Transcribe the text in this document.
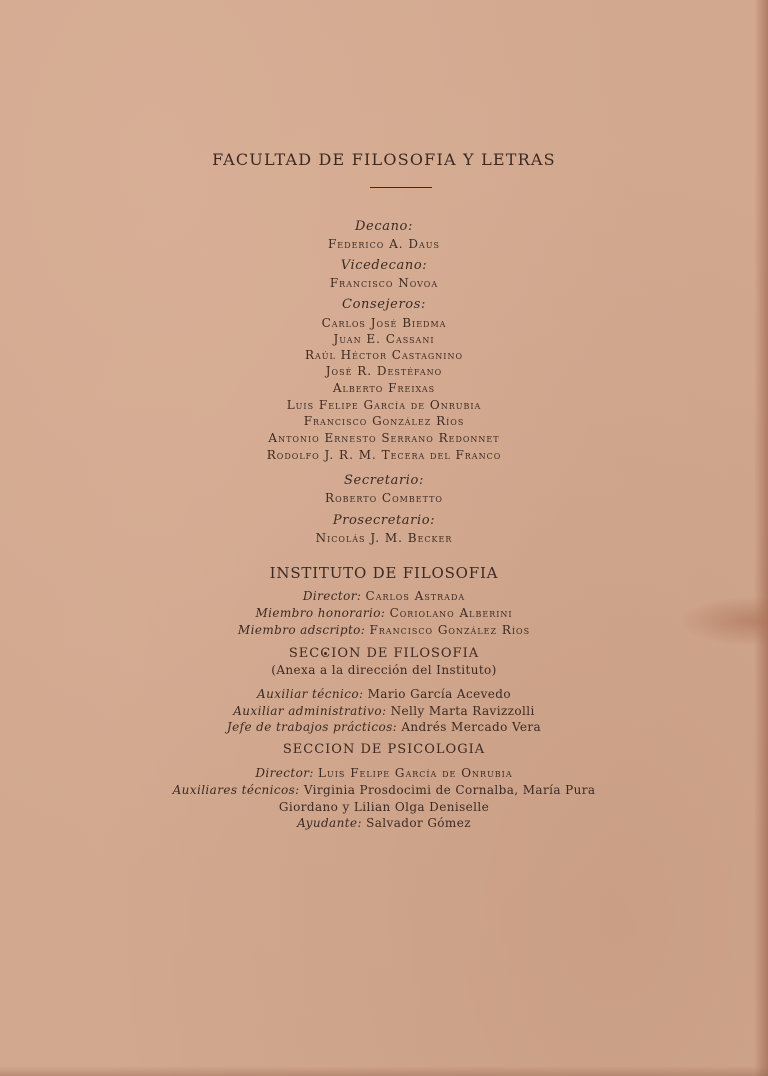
FACULTAD DE FILOSOFIA Y LETRAS
Decano:
Federico A. Daus
Vicedecano:
Francisco Novoa
Consejeros:
Carlos José Biedma
Juan E. Cassani
Raúl Héctor Castagnino
José R. Destéfano
Alberto Freixas
Luis Felipe García de Onrubia
Francisco González Ríos
Antonio Ernesto Serrano Redonnet
Rodolfo J. R. M. Tecera del Franco
Secretario:
Roberto Combetto
Prosecretario:
Nicolás J. M. Becker
INSTITUTO DE FILOSOFIA
Director: Carlos Astrada
Miembro honorario: Coriolano Alberini
Miembro adscripto: Francisco González Ríos
SECCION DE FILOSOFIA
(Anexa a la dirección del Instituto)
Auxiliar técnico: Mario García Acevedo
Auxiliar administrativo: Nelly Marta Ravizzolli
Jefe de trabajos prácticos: Andrés Mercado Vera
SECCION DE PSICOLOGIA
Director: Luis Felipe García de Onrubia
Auxiliares técnicos: Virginia Prosdocimi de Cornalba, María Pura
Giordano y Lilian Olga Deniselle
Ayudante: Salvador Gómez
